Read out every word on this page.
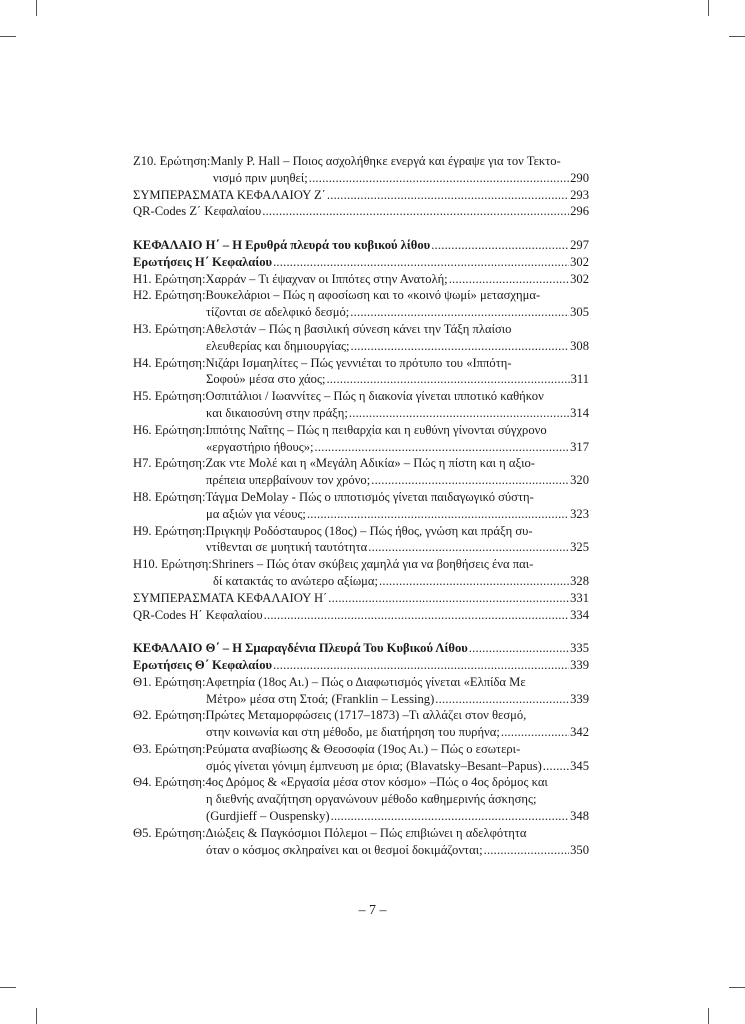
Ζ10. Ερώτηση: Manly P. Hall – Ποιος ασχολήθηκε ενεργά και έγραψε για τον Τεκτο-
νισμό πριν μυηθεί; .....	290
ΣΥΜΠΕΡΑΣΜΑΤΑ ΚΕΦΑΛΑΙΟΥ Ζ΄ .....	293
QR-Codes Ζ΄ Κεφαλαίου .....	296
ΚΕΦΑΛΑΙΟ Η΄ – Η Ερυθρά πλευρά του κυβικού λίθου .....	297
Ερωτήσεις Η΄ Κεφαλαίου .....	302
Η1. Ερώτηση: Χαρράν – Τι έψαχναν οι Ιππότες στην Ανατολή; .....	302
Η2. Ερώτηση: Βουκελάριοι – Πώς η αφοσίωση και το «κοινό ψωμί» μετασχημα-
τίζονται σε αδελφικό δεσμό; .....	305
Η3. Ερώτηση: Αθελστάν – Πώς η βασιλική σύνεση κάνει την Τάξη πλαίσιο
ελευθερίας και δημιουργίας; .....	308
Η4. Ερώτηση: Νιζάρι Ισμαηλίτες – Πώς γεννιέται το πρότυπο του «Ιππότη-
Σοφού» μέσα στο χάος; .....	311
Η5. Ερώτηση: Οσπιτάλιοι / Ιωαννίτες – Πώς η διακονία γίνεται ιπποτικό καθήκον
και δικαιοσύνη στην πράξη; .....	314
Η6. Ερώτηση: Ιππότης Ναΐτης – Πώς η πειθαρχία και η ευθύνη γίνονται σύγχρονο
«εργαστήριο ήθους»; .....	317
Η7. Ερώτηση: Ζακ ντε Μολέ και η «Μεγάλη Αδικία» – Πώς η πίστη και η αξιο-
πρέπεια υπερβαίνουν τον χρόνο; .....	320
Η8. Ερώτηση: Τάγμα DeMolay - Πώς ο ιπποτισμός γίνεται παιδαγωγικό σύστη-
μα αξιών για νέους; .....	323
Η9. Ερώτηση: Πριγκηψ Ροδόσταυρος (18ος) – Πώς ήθος, γνώση και πράξη συ-
ντίθενται σε μυητική ταυτότητα .....	325
Η10. Ερώτηση: Shriners – Πώς όταν σκύβεις χαμηλά για να βοηθήσεις ένα παι-
δί κατακτάς το ανώτερο αξίωμα; .....	328
ΣΥΜΠΕΡΑΣΜΑΤΑ ΚΕΦΑΛΑΙΟΥ Η΄ .....	331
QR-Codes Η΄ Κεφαλαίου .....	334
ΚΕΦΑΛΑΙΟ Θ΄ – Η Σμαραγδένια Πλευρά Του Κυβικού Λίθου .....	335
Ερωτήσεις Θ΄ Κεφαλαίου .....	339
Θ1. Ερώτηση: Αφετηρία (18ος Αι.) – Πώς ο Διαφωτισμός γίνεται «Ελπίδα Με
Μέτρο» μέσα στη Στοά; (Franklin – Lessing) .....	339
Θ2. Ερώτηση: Πρώτες Μεταμορφώσεις (1717–1873) –Τι αλλάζει στον θεσμό,
στην κοινωνία και στη μέθοδο, με διατήρηση του πυρήνα; .....	342
Θ3. Ερώτηση: Ρεύματα αναβίωσης & Θεοσοφία (19ος Αι.) – Πώς ο εσωτερι-
σμός γίνεται γόνιμη έμπνευση με όρια; (Blavatsky–Besant–Papus) ..... 345
Θ4. Ερώτηση: 4ος Δρόμος & «Εργασία μέσα στον κόσμο» –Πώς ο 4ος δρόμος και
η διεθνής αναζήτηση οργανώνουν μέθοδο καθημερινής άσκησης;
(Gurdjieff – Ouspensky) .....	348
Θ5. Ερώτηση: Διώξεις & Παγκόσμιοι Πόλεμοι – Πώς επιβιώνει η αδελφότητα
όταν ο κόσμος σκληραίνει και οι θεσμοί δοκιμάζονται; .....	350
– 7 –
